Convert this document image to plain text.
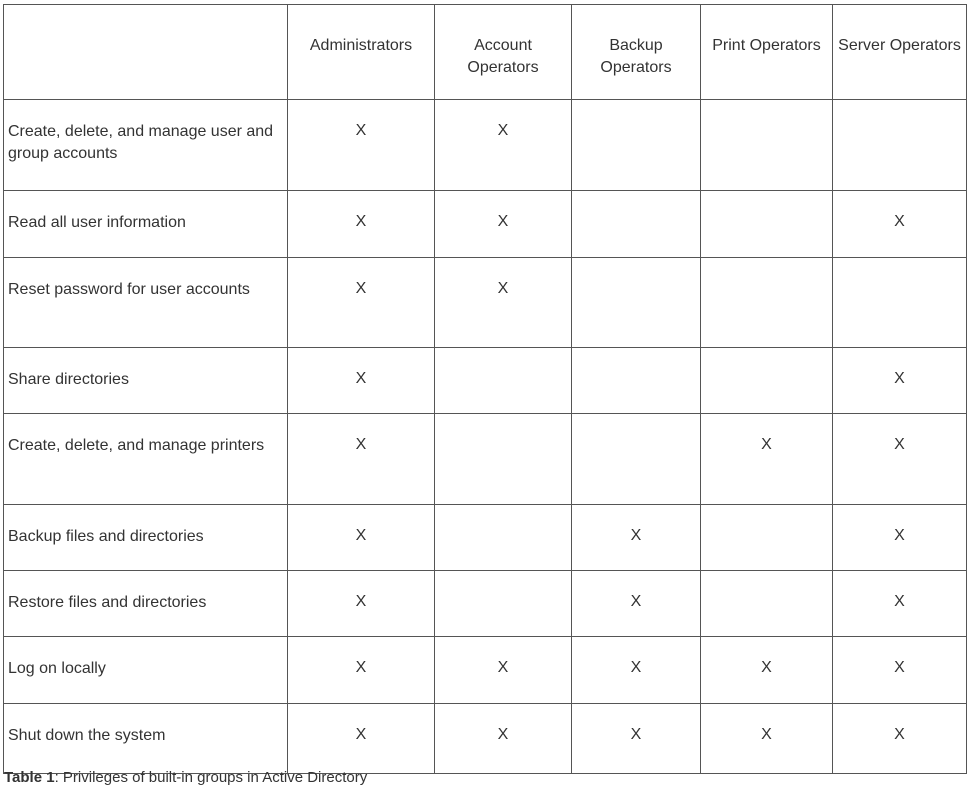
	Administrators	Account Operators	Backup Operators	Print Operators	Server Operators
Create, delete, and manage user and group accounts	X	X			
Read all user information	X	X			X
Reset password for user accounts	X	X			
Share directories	X				X
Create, delete, and manage printers	X			X	X
Backup files and directories	X		X		X
Restore files and directories	X		X		X
Log on locally	X	X	X	X	X
Shut down the system	X	X	X	X	X
Table 1: Privileges of built-in groups in Active Directory
